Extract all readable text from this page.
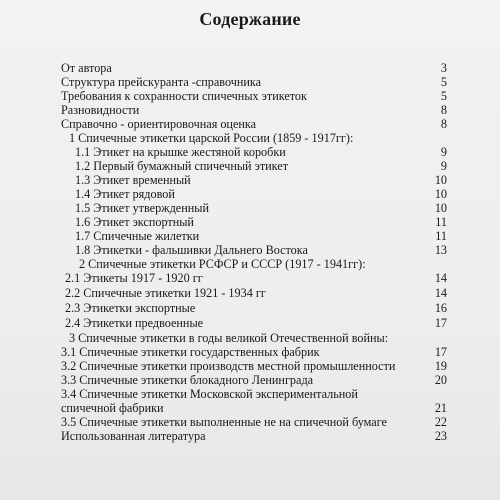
Содержание
От автора	3
Структура прейскуранта -справочника	5
Требования к сохранности спичечных этикеток	5
Разновидности	8
Справочно - ориентировочная оценка	8
1 Спичечные этикетки царской России (1859 - 1917гг):
1.1 Этикет на крышке жестяной коробки	9
1.2 Первый бумажный спичечный этикет	9
1.3 Этикет временный	10
1.4 Этикет рядовой	10
1.5 Этикет утвержденный	10
1.6 Этикет экспортный	11
1.7 Спичечные жилетки	11
1.8 Этикетки - фальшивки Дальнего Востока	13
2 Спичечные этикетки РСФСР и СССР (1917 - 1941гг):
2.1 Этикеты 1917 - 1920 гг	14
2.2 Спичечные этикетки 1921 - 1934 гг	14
2.3 Этикетки экспортные	16
2.4 Этикетки предвоенные	17
3 Спичечные этикетки в годы великой Отечественной войны:
3.1 Спичечные этикетки государственных фабрик	17
3.2 Спичечные этикетки производств местной промышленности	19
3.3 Спичечные этикетки блокадного Ленинграда	20
3.4 Спичечные этикетки Московской экспериментальной
спичечной фабрики	21
3.5 Спичечные этикетки выполненные не на спичечной бумаге	22
Использованная литература	23
